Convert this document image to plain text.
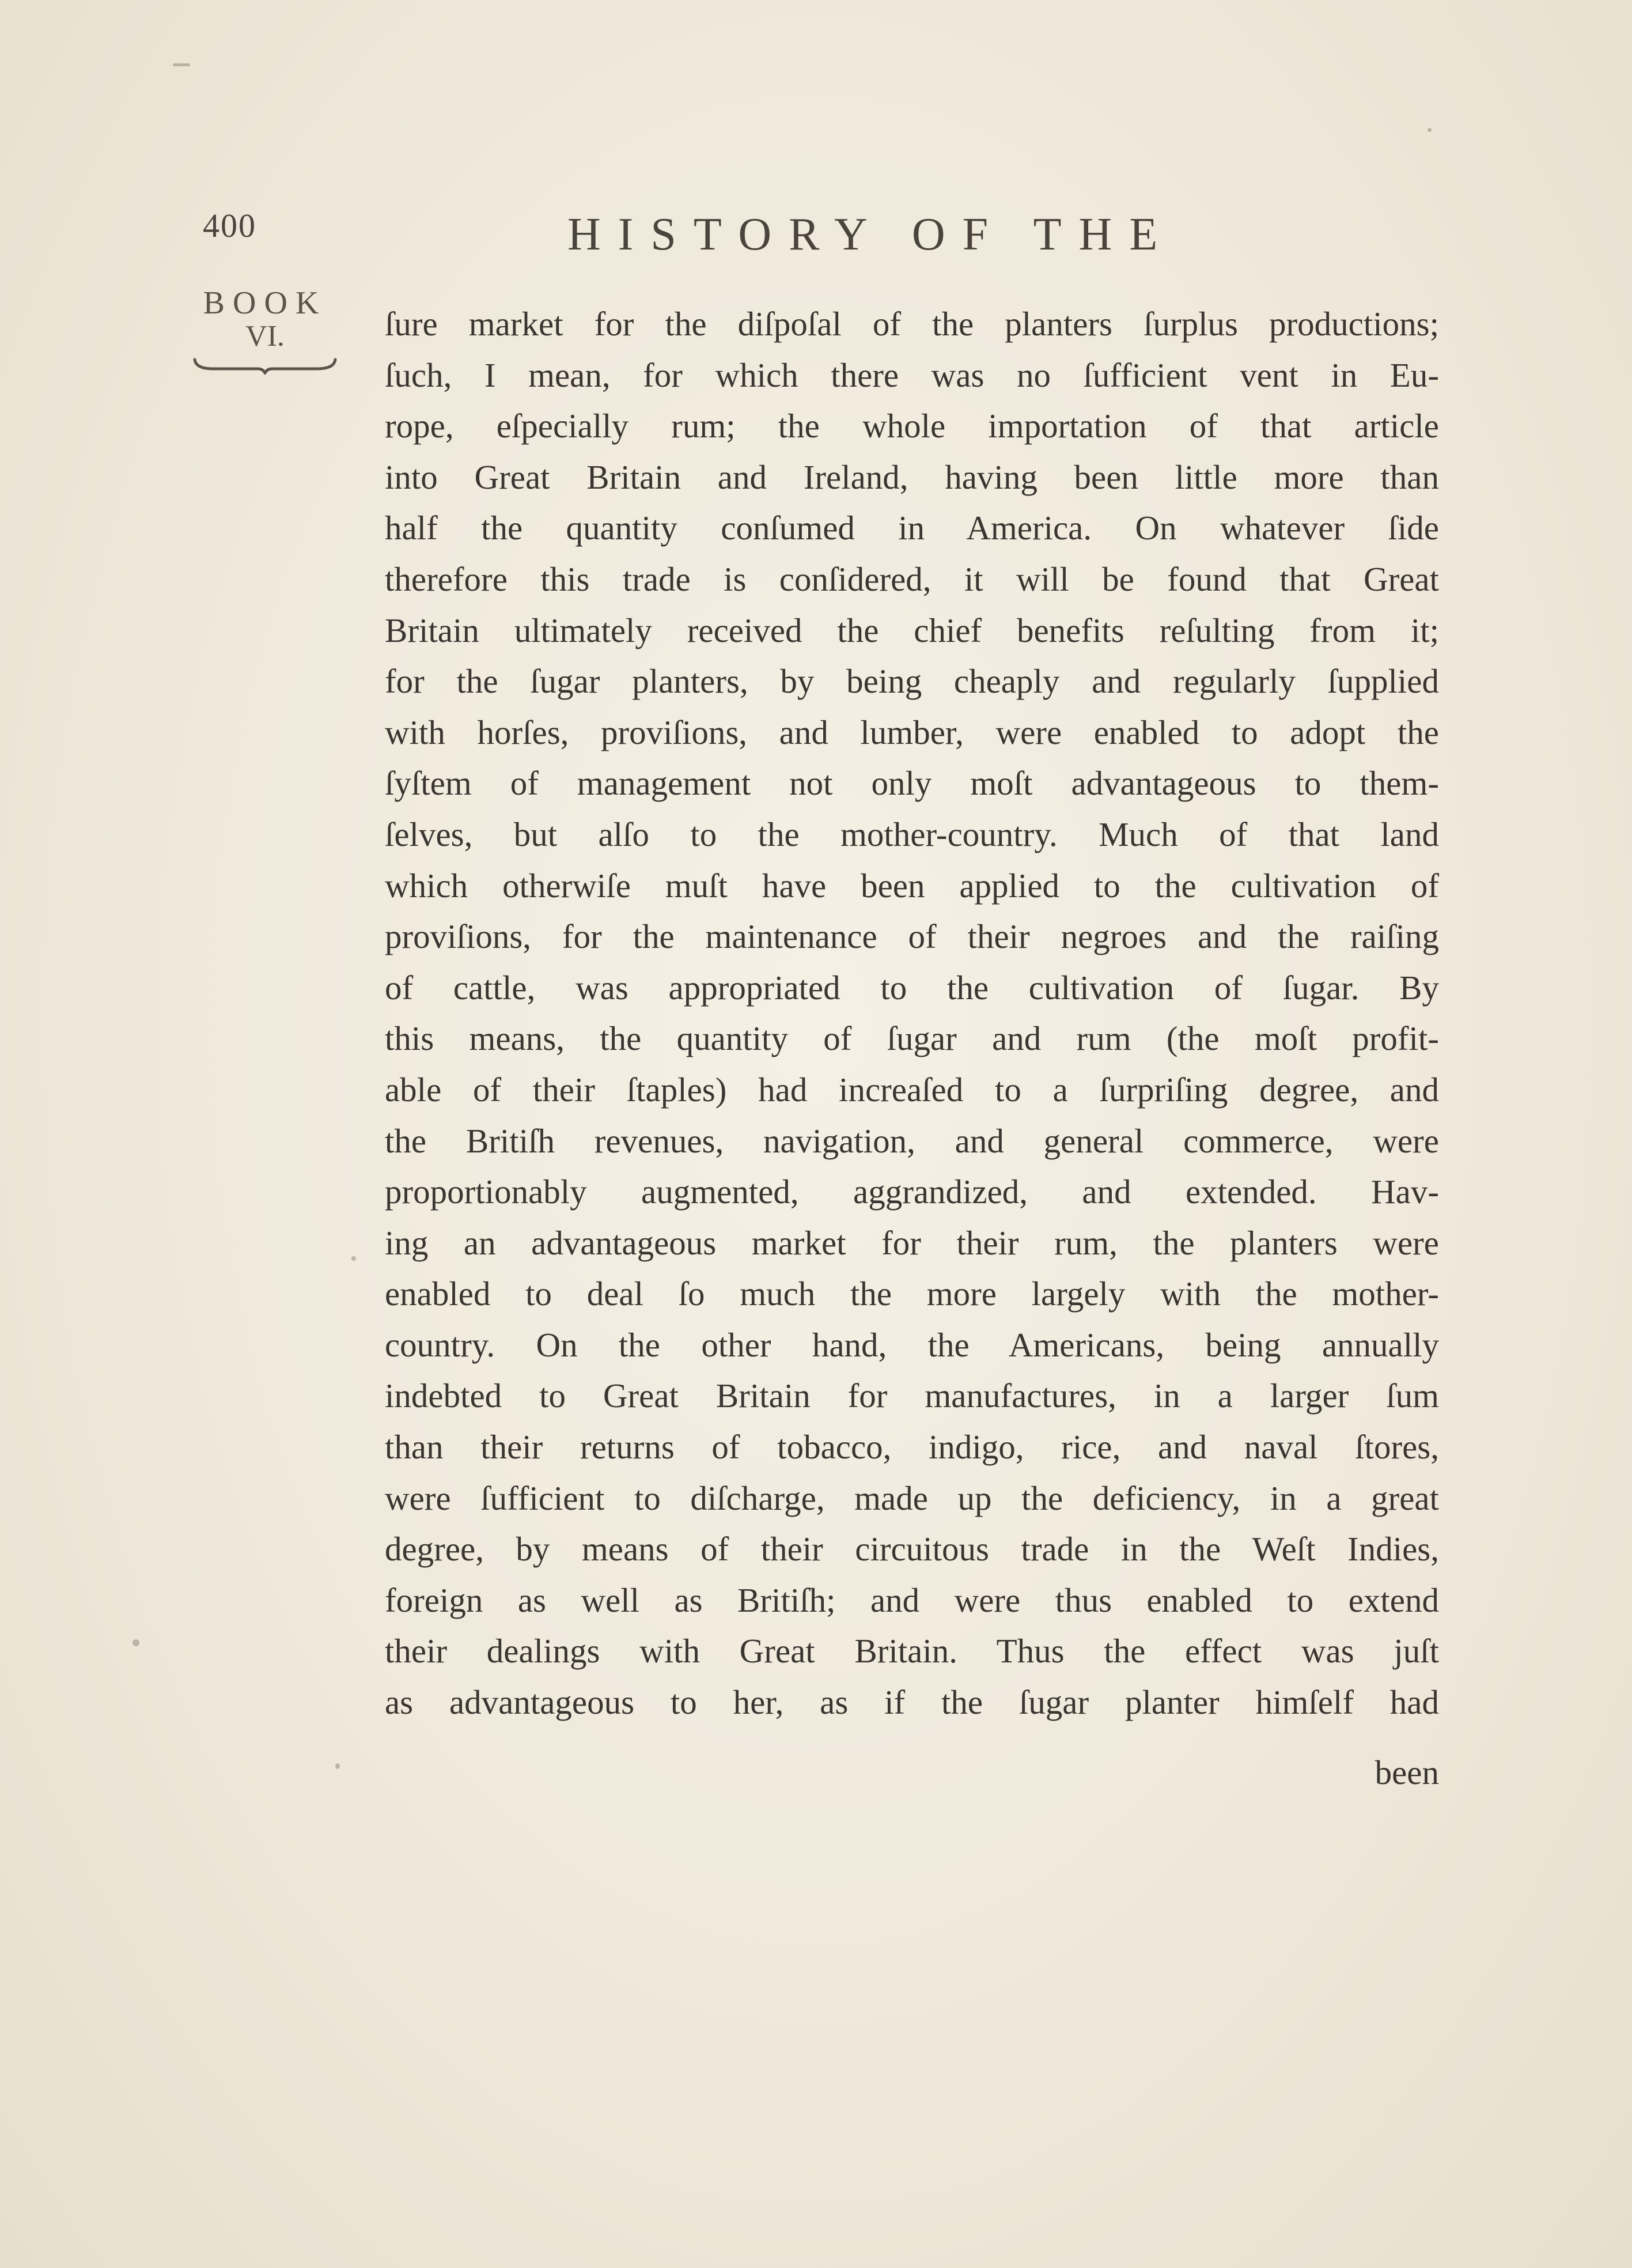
400	HISTORY OF THE
BOOK
VI.	ſure market for the diſpoſal of the planters ſurplus productions;
ſuch, I mean, for which there was no ſufficient vent in Eu-
rope, eſpecially rum; the whole importation of that article
into Great Britain and Ireland, having been little more than
half the quantity conſumed in America. On whatever ſide
therefore this trade is conſidered, it will be found that Great
Britain ultimately received the chief benefits reſulting from it;
for the ſugar planters, by being cheaply and regularly ſupplied
with horſes, proviſions, and lumber, were enabled to adopt the
ſyſtem of management not only moſt advantageous to them-
ſelves, but alſo to the mother-country. Much of that land
which otherwiſe muſt have been applied to the cultivation of
proviſions, for the maintenance of their negroes and the raiſing
of cattle, was appropriated to the cultivation of ſugar. By
this means, the quantity of ſugar and rum (the moſt profit-
able of their ſtaples) had increaſed to a ſurpriſing degree, and
the Britiſh revenues, navigation, and general commerce, were
proportionably augmented, aggrandized, and extended. Hav-
ing an advantageous market for their rum, the planters were
enabled to deal ſo much the more largely with the mother-
country. On the other hand, the Americans, being annually
indebted to Great Britain for manufactures, in a larger ſum
than their returns of tobacco, indigo, rice, and naval ſtores,
were ſufficient to diſcharge, made up the deficiency, in a great
degree, by means of their circuitous trade in the Weſt Indies,
foreign as well as Britiſh; and were thus enabled to extend
their dealings with Great Britain. Thus the effect was juſt
as advantageous to her, as if the ſugar planter himſelf had
been
